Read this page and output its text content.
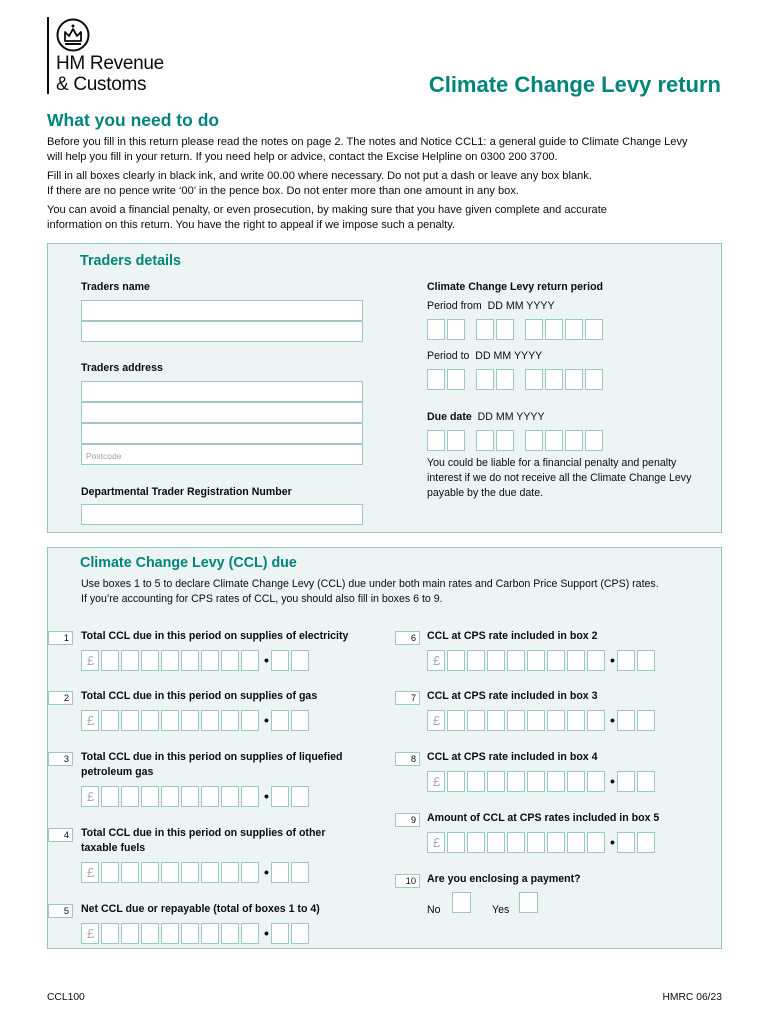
HM Revenue
& Customs	Climate Change Levy return
What you need to do

Before you fill in this return please read the notes on page 2. The notes and Notice CCL1: a general guide to Climate Change Levy

will help you fill in your return. If you need help or advice, contact the Excise Helpline on 0300 200 3700.

Fill in all boxes clearly in black ink, and write 00.00 where necessary. Do not put a dash or leave any box blank.

If there are no pence write ‘00’ in the pence box. Do not enter more than one amount in any box.

You can avoid a financial penalty, or even prosecution, by making sure that you have given complete and accurate

information on this return. You have the right to appeal if we impose such a penalty.

Traders details
Traders name
Traders address
Postcode
Departmental Trader Registration Number
Climate Change Levy return period
Period from DD MM YYYY
Period to DD MM YYYY
Due date DD MM YYYY
You could be liable for a financial penalty and penalty
interest if we do not receive all the Climate Change Levy
payable by the due date.
Climate Change Levy (CCL) due
Use boxes 1 to 5 to declare Climate Change Levy (CCL) due under both main rates and Carbon Price Support (CPS) rates.
If you’re accounting for CPS rates of CCL, you should also fill in boxes 6 to 9.
1	Total CCL due in this period on supplies of electricity
£	•
2	Total CCL due in this period on supplies of gas
£	•
3	Total CCL due in this period on supplies of liquefied
petroleum gas
£	•
4	Total CCL due in this period on supplies of other
taxable fuels
£	•
5	Net CCL due or repayable (total of boxes 1 to 4)
£	•
6	CCL at CPS rate included in box 2
£	•
7	CCL at CPS rate included in box 3
£	•
8	CCL at CPS rate included in box 4
£	•
9	Amount of CCL at CPS rates included in box 5
£	•
10	Are you enclosing a payment?
No	Yes
CCL100	HMRC 06/23
